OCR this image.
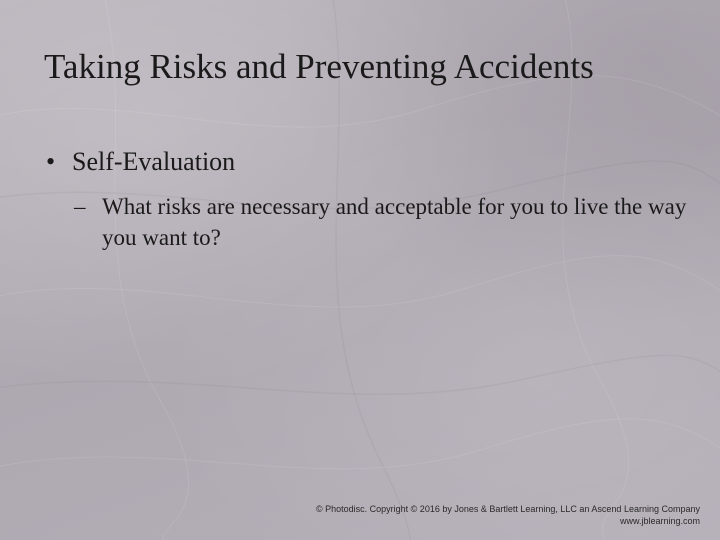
Taking Risks and Preventing Accidents
• Self-Evaluation
– What risks are necessary and acceptable for you to live the way you want to?
© Photodisc. Copyright © 2016 by Jones & Bartlett Learning, LLC an Ascend Learning Company
www.jblearning.com
